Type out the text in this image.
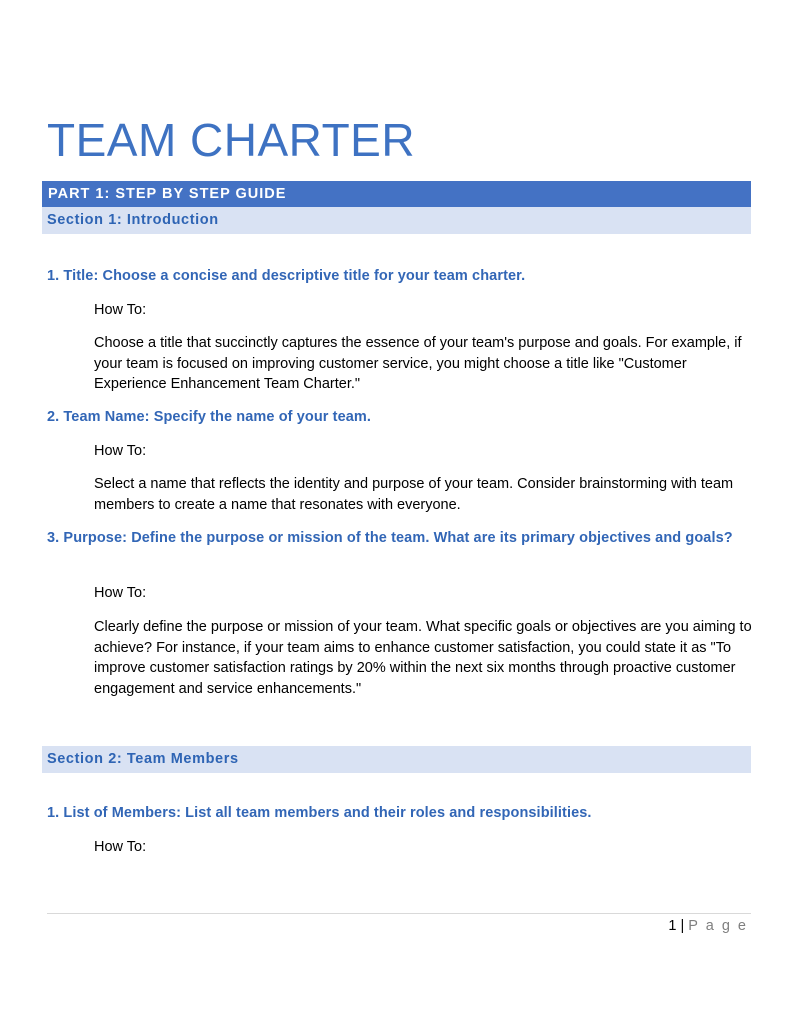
TEAM CHARTER
PART 1: STEP BY STEP GUIDE
Section 1: Introduction
1. Title: Choose a concise and descriptive title for your team charter.
How To:
Choose a title that succinctly captures the essence of your team's purpose and goals. For example, if your team is focused on improving customer service, you might choose a title like "Customer Experience Enhancement Team Charter."
2. Team Name: Specify the name of your team.
How To:
Select a name that reflects the identity and purpose of your team. Consider brainstorming with team members to create a name that resonates with everyone.
3. Purpose: Define the purpose or mission of the team. What are its primary objectives and goals?
How To:
Clearly define the purpose or mission of your team. What specific goals or objectives are you aiming to achieve? For instance, if your team aims to enhance customer satisfaction, you could state it as "To improve customer satisfaction ratings by 20% within the next six months through proactive customer engagement and service enhancements."
Section 2: Team Members
1. List of Members: List all team members and their roles and responsibilities.
How To:
1 | P a g e
